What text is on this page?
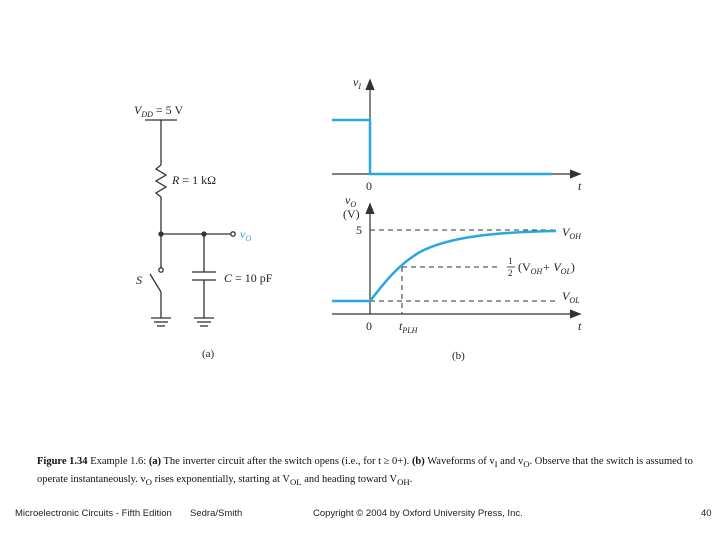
$V_{DD} = 5$ V
R = 1 kΩ
$v_O$
S	C = 10 pF
(a)
$v_I$
0	t
$v_O$
(V)
5	$V_{OH}$
1
2 $(V_{OH}+ V_{OL})$
$V_{OL}$
0 $t_{PLH}$	t
(b)
Figure 1.34 Example 1.6: (a) The inverter circuit after the switch opens (i.e., for t ≥ 0+). (b) Waveforms of $v_I$ and $v_O$. Observe that the switch is assumed to operate instantaneously. $v_O$ rises exponentially, starting at $V_{OL}$ and heading toward $V_{OH}$.
Microelectronic Circuits - Fifth Edition Sedra/Smith	Copyright © 2004 by Oxford University Press, Inc.	40
